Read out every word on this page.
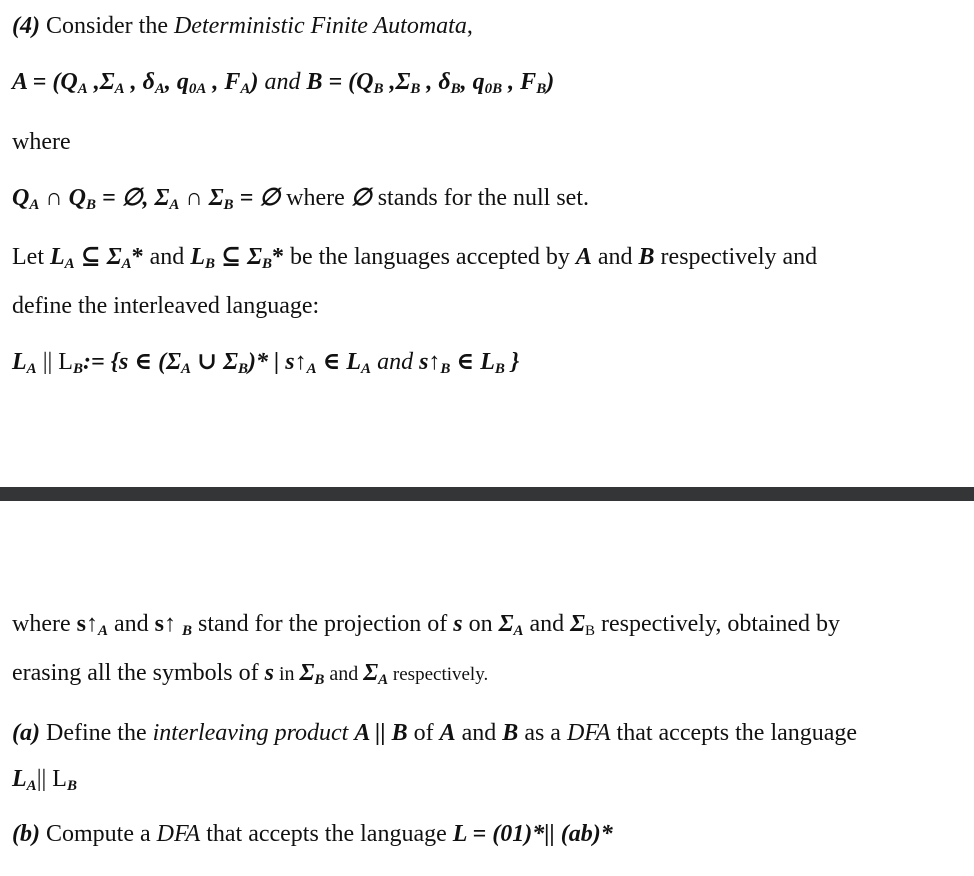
(4) Consider the Deterministic Finite Automata,
A = (QA ,ΣA , δA, q0A , FA) and B = (QB ,ΣB , δB, q0B , FB)
where
QA ∩ QB = ∅, ΣA ∩ ΣB = ∅ where ∅ stands for the null set.
Let LA ⊆ ΣA* and LB ⊆ ΣB* be the languages accepted by A and B respectively and
define the interleaved language:
LA || LB:= {s ∈ (ΣA ∪ ΣB)* | s↑A ∈ LA and s↑B ∈ LB }
where s↑A and s↑ B stand for the projection of s on ΣA and ΣB respectively, obtained by
erasing all the symbols of s in ΣB and ΣA respectively.
(a) Define the interleaving product A || B of A and B as a DFA that accepts the language
LA|| LB
(b) Compute a DFA that accepts the language L = (01)*|| (ab)*
